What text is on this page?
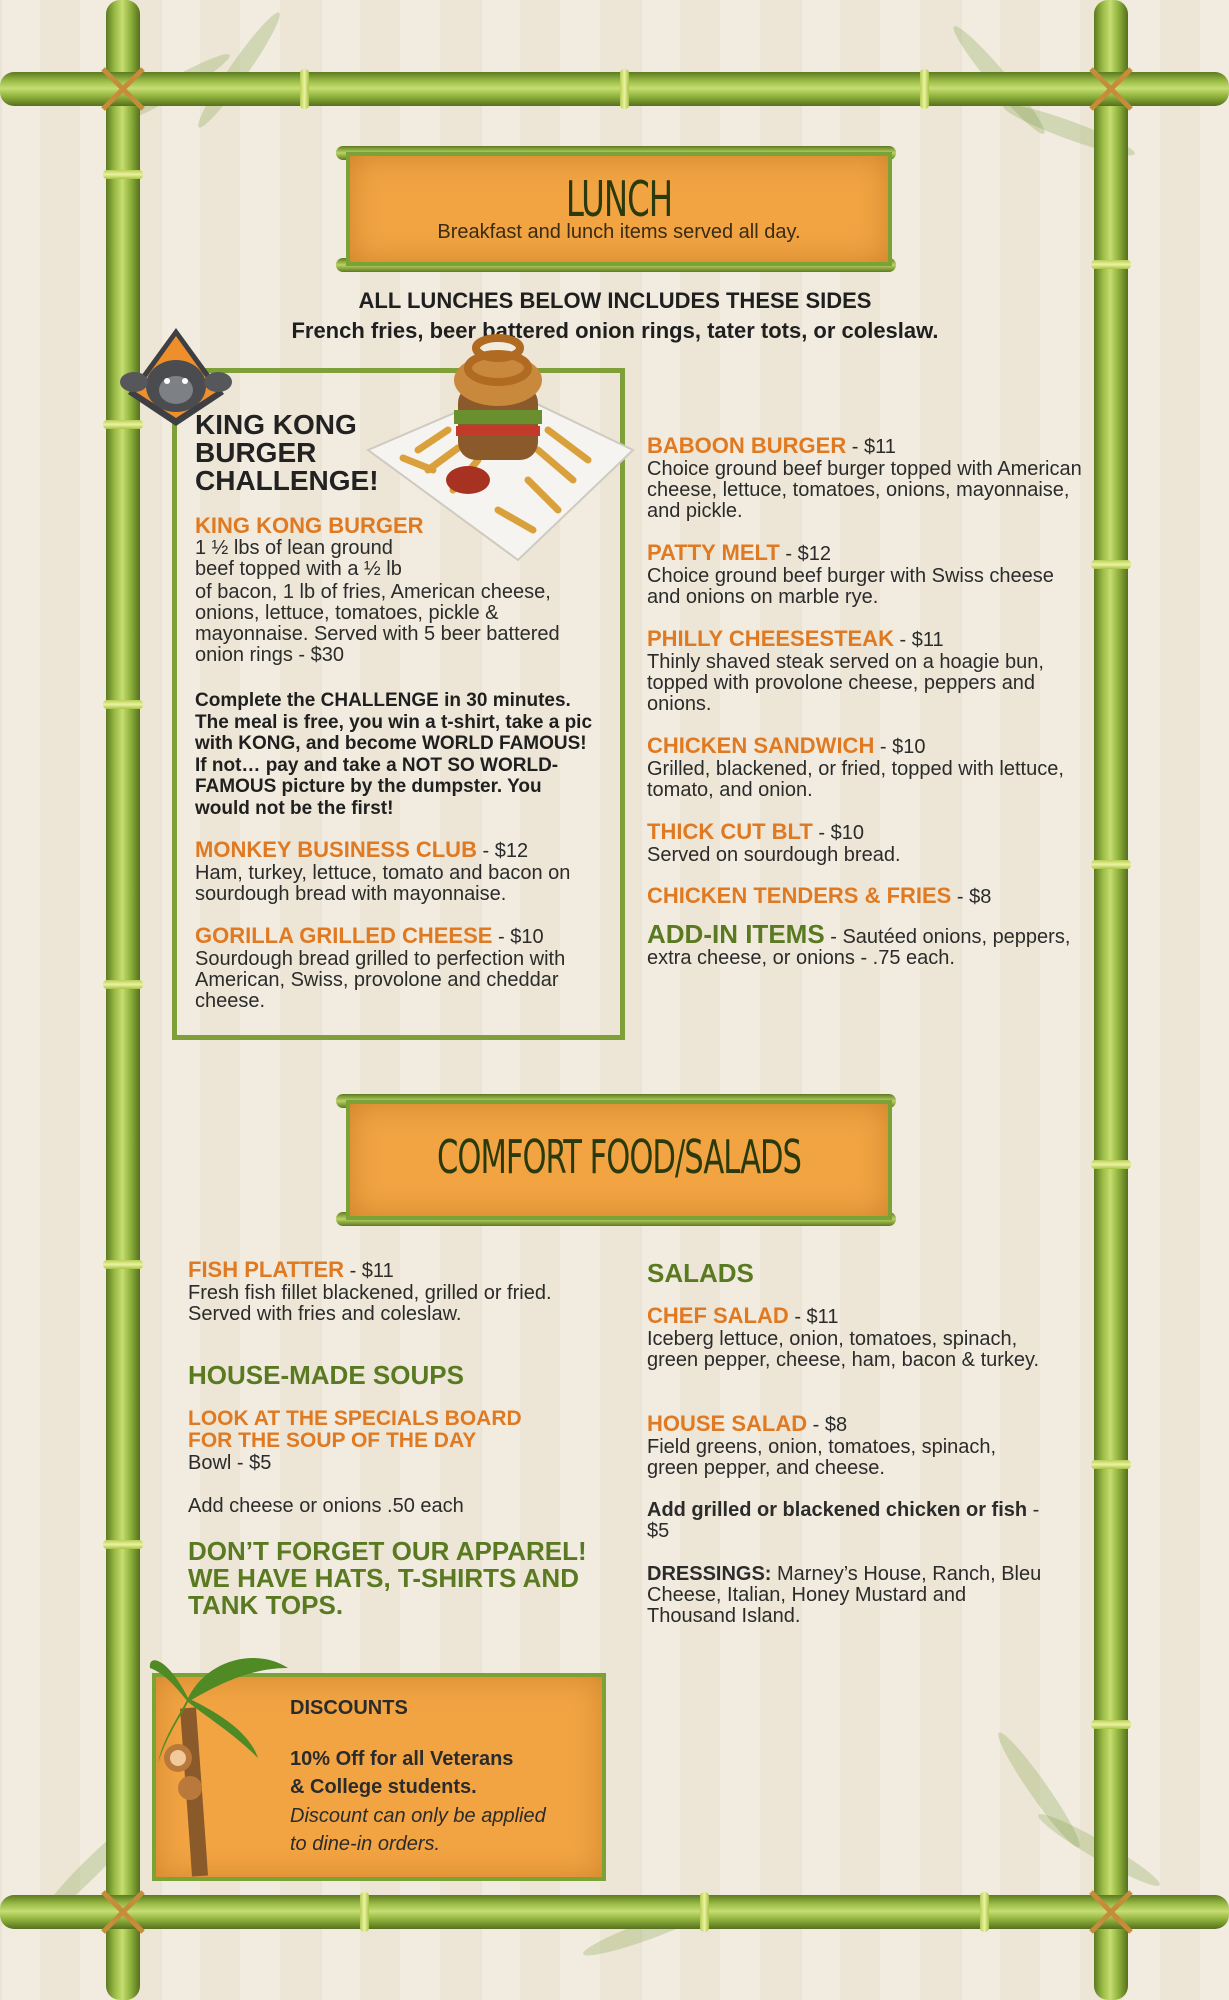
LUNCH
Breakfast and lunch items served all day.
ALL LUNCHES BELOW INCLUDES THESE SIDES
French fries, beer battered onion rings, tater tots, or coleslaw.
KING KONG
BURGER
CHALLENGE!
KING KONG BURGER
1 ½ lbs of lean ground
beef topped with a ½ lb
of bacon, 1 lb of fries, American cheese, onions, lettuce, tomatoes, pickle & mayonnaise. Served with 5 beer battered onion rings - $30
Complete the CHALLENGE in 30 minutes. The meal is free, you win a t-shirt, take a pic with KONG, and become WORLD FAMOUS! If not… pay and take a NOT SO WORLD-FAMOUS picture by the dumpster. You would not be the first!
MONKEY BUSINESS CLUB - $12
Ham, turkey, lettuce, tomato and bacon on sourdough bread with mayonnaise.
GORILLA GRILLED CHEESE - $10
Sourdough bread grilled to perfection with American, Swiss, provolone and cheddar cheese.
BABOON BURGER - $11
Choice ground beef burger topped with American cheese, lettuce, tomatoes, onions, mayonnaise, and pickle.
PATTY MELT - $12
Choice ground beef burger with Swiss cheese and onions on marble rye.
PHILLY CHEESESTEAK - $11
Thinly shaved steak served on a hoagie bun, topped with provolone cheese, peppers and onions.
CHICKEN SANDWICH - $10
Grilled, blackened, or fried, topped with lettuce, tomato, and onion.
THICK CUT BLT - $10
Served on sourdough bread.
CHICKEN TENDERS & FRIES - $8
ADD-IN ITEMS - Sautéed onions, peppers, extra cheese, or onions - .75 each.
COMFORT FOOD/SALADS
FISH PLATTER - $11
Fresh fish fillet blackened, grilled or fried. Served with fries and coleslaw.
HOUSE-MADE SOUPS
LOOK AT THE SPECIALS BOARD
FOR THE SOUP OF THE DAY
Bowl - $5
Add cheese or onions .50 each
DON’T FORGET OUR APPAREL! WE HAVE HATS, T-SHIRTS AND TANK TOPS.
SALADS
CHEF SALAD - $11
Iceberg lettuce, onion, tomatoes, spinach, green pepper, cheese, ham, bacon & turkey.
HOUSE SALAD - $8
Field greens, onion, tomatoes, spinach, green pepper, and cheese.
Add grilled or blackened chicken or fish - $5
DRESSINGS: Marney’s House, Ranch, Bleu Cheese, Italian, Honey Mustard and Thousand Island.
DISCOUNTS
10% Off for all Veterans
& College students.
Discount can only be applied
to dine-in orders.
